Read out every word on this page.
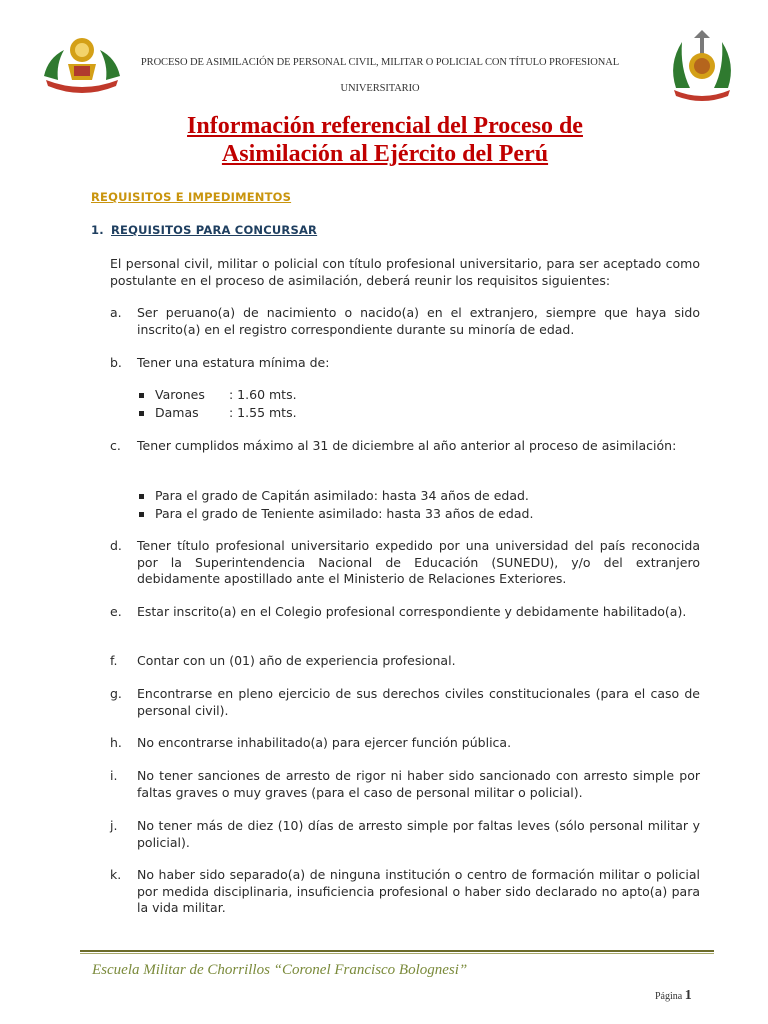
PROCESO DE ASIMILACIÓN DE PERSONAL CIVIL, MILITAR O POLICIAL CON TÍTULO PROFESIONAL
UNIVERSITARIO
Información referencial del Proceso de
Asimilación al Ejército del Perú
REQUISITOS E IMPEDIMENTOS
1. REQUISITOS PARA CONCURSAR
El personal civil, militar o policial con título profesional universitario, para ser aceptado como postulante en el proceso de asimilación, deberá reunir los requisitos siguientes:
a.	Ser peruano(a) de nacimiento o nacido(a) en el extranjero, siempre que haya sido inscrito(a) en el registro correspondiente durante su minoría de edad.
b.	Tener una estatura mínima de:
Varones : 1.60 mts.
Damas : 1.55 mts.
c.	Tener cumplidos máximo al 31 de diciembre al año anterior al proceso de asimilación:
Para el grado de Capitán asimilado: hasta 34 años de edad.
Para el grado de Teniente asimilado: hasta 33 años de edad.
d.	Tener título profesional universitario expedido por una universidad del país reconocida por la Superintendencia Nacional de Educación (SUNEDU), y/o del extranjero debidamente apostillado ante el Ministerio de Relaciones Exteriores.
e.	Estar inscrito(a) en el Colegio profesional correspondiente y debidamente habilitado(a).
f.	Contar con un (01) año de experiencia profesional.
g.	Encontrarse en pleno ejercicio de sus derechos civiles constitucionales (para el caso de personal civil).
h.	No encontrarse inhabilitado(a) para ejercer función pública.
i.	No tener sanciones de arresto de rigor ni haber sido sancionado con arresto simple por faltas graves o muy graves (para el caso de personal militar o policial).
j.	No tener más de diez (10) días de arresto simple por faltas leves (sólo personal militar y policial).
k.	No haber sido separado(a) de ninguna institución o centro de formación militar o policial por medida disciplinaria, insuficiencia profesional o haber sido declarado no apto(a) para la vida militar.
Escuela Militar de Chorrillos “Coronel Francisco Bolognesi”
Página 1
